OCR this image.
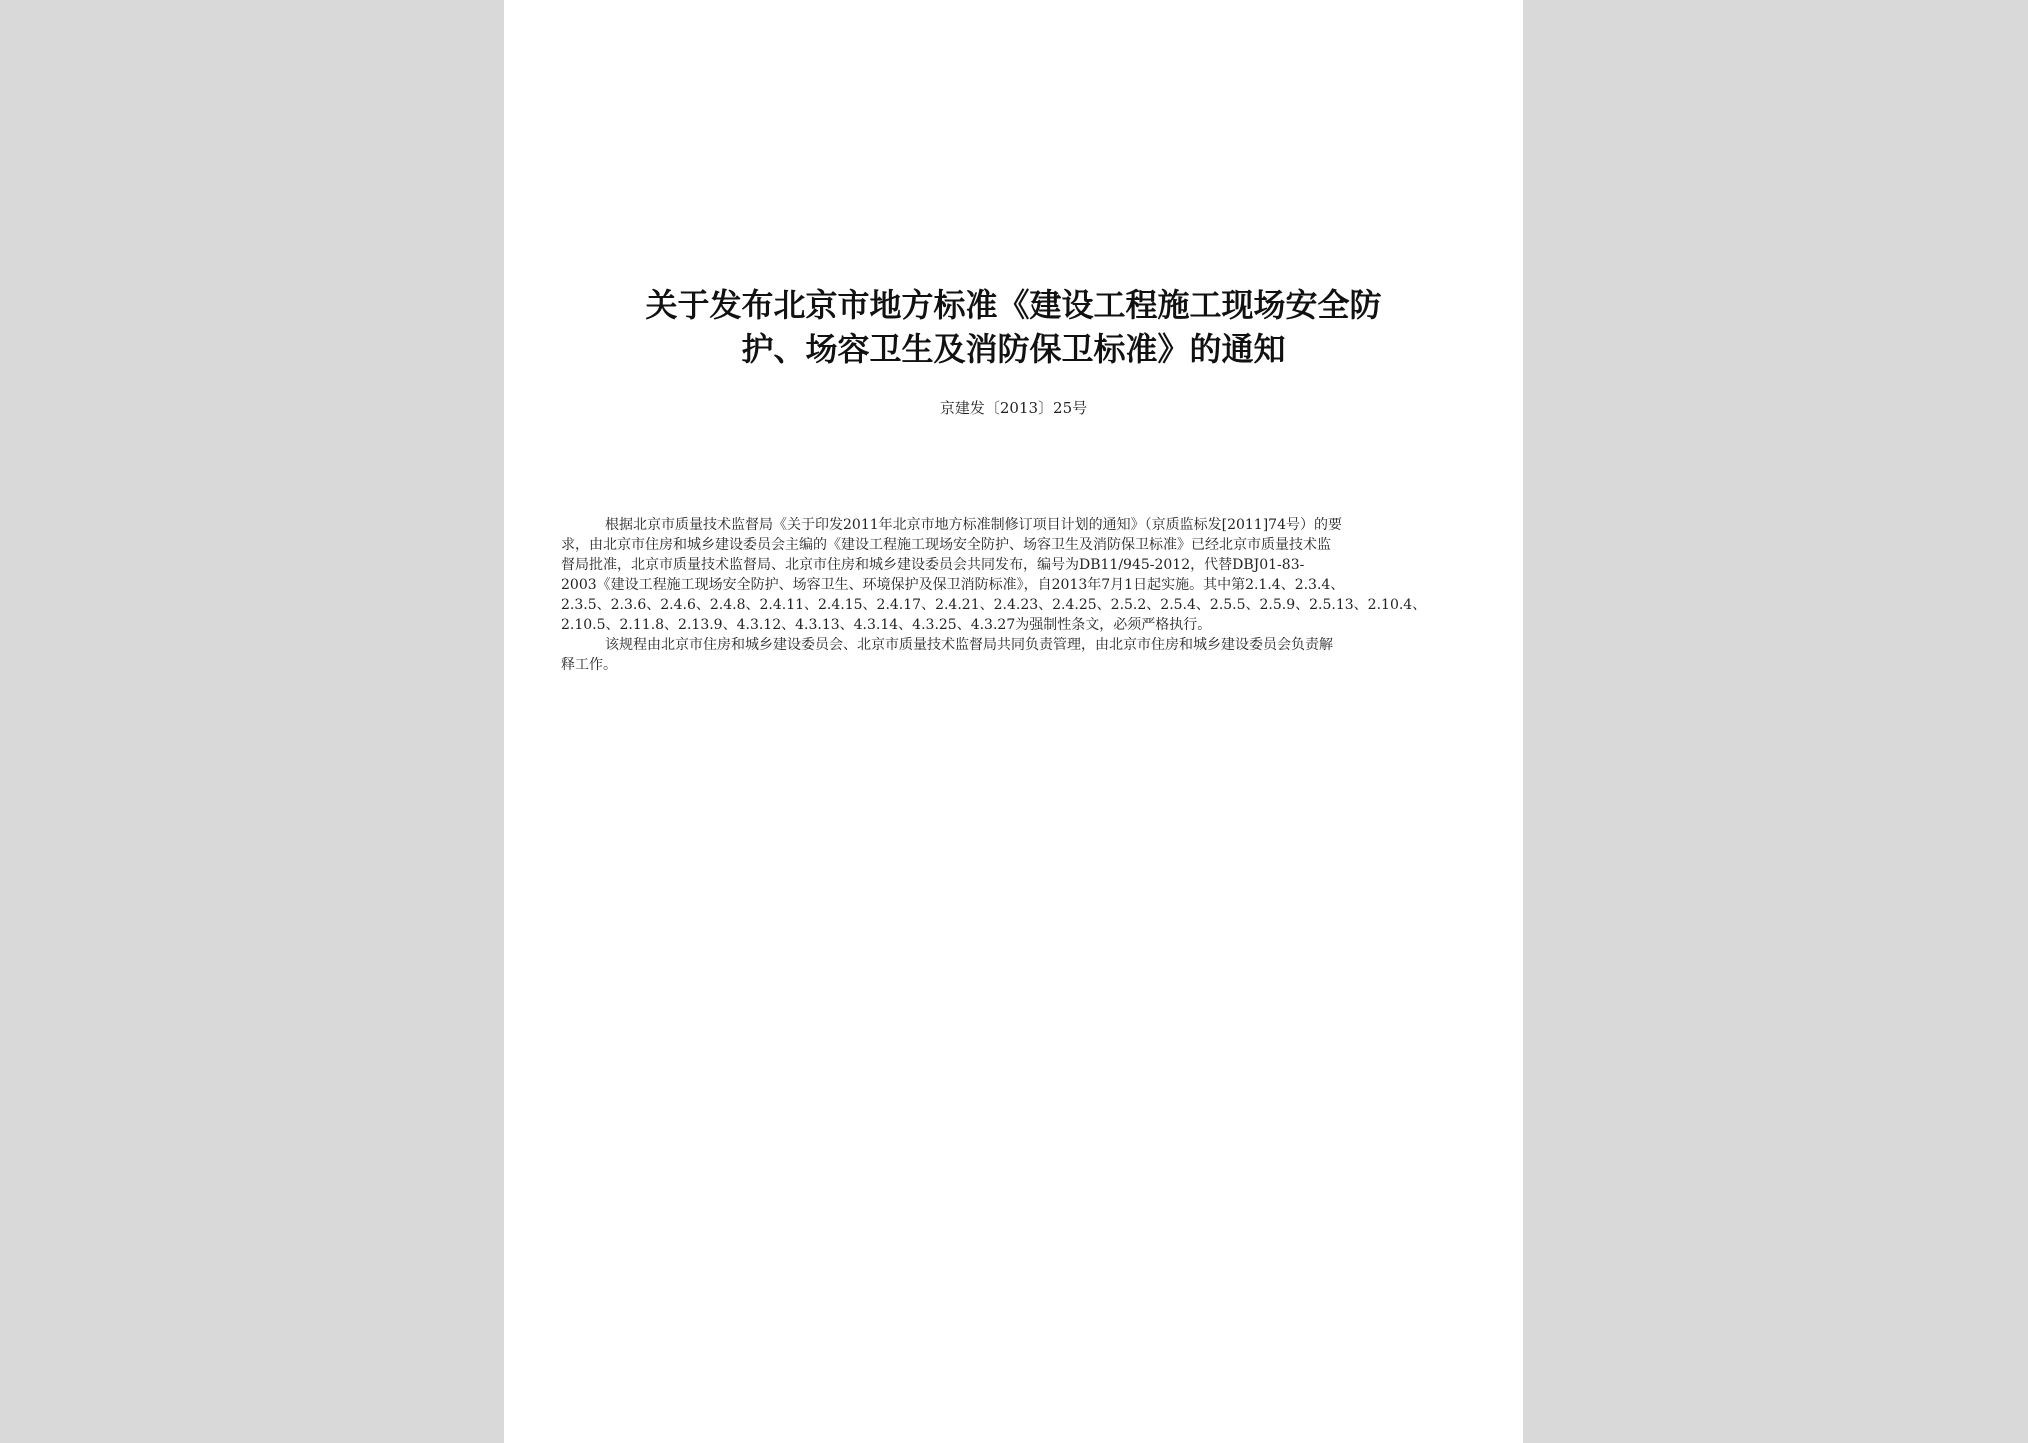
关于发布北京市地方标准《建设工程施工现场安全防
护、场容卫生及消防保卫标准》的通知
京建发〔2013〕25号
根据北京市质量技术监督局《关于印发2011年北京市地方标准制修订项目计划的通知》（京质监标发[2011]74号）的要
求，由北京市住房和城乡建设委员会主编的《建设工程施工现场安全防护、场容卫生及消防保卫标准》已经北京市质量技术监
督局批准，北京市质量技术监督局、北京市住房和城乡建设委员会共同发布，编号为DB11/945-2012，代替DBJ01-83-
2003《建设工程施工现场安全防护、场容卫生、环境保护及保卫消防标准》，自2013年7月1日起实施。其中第2.1.4、2.3.4、
2.3.5、2.3.6、2.4.6、2.4.8、2.4.11、2.4.15、2.4.17、2.4.21、2.4.23、2.4.25、2.5.2、2.5.4、2.5.5、2.5.9、2.5.13、2.10.4、
2.10.5、2.11.8、2.13.9、4.3.12、4.3.13、4.3.14、4.3.25、4.3.27为强制性条文，必须严格执行。
该规程由北京市住房和城乡建设委员会、北京市质量技术监督局共同负责管理，由北京市住房和城乡建设委员会负责解
释工作。
